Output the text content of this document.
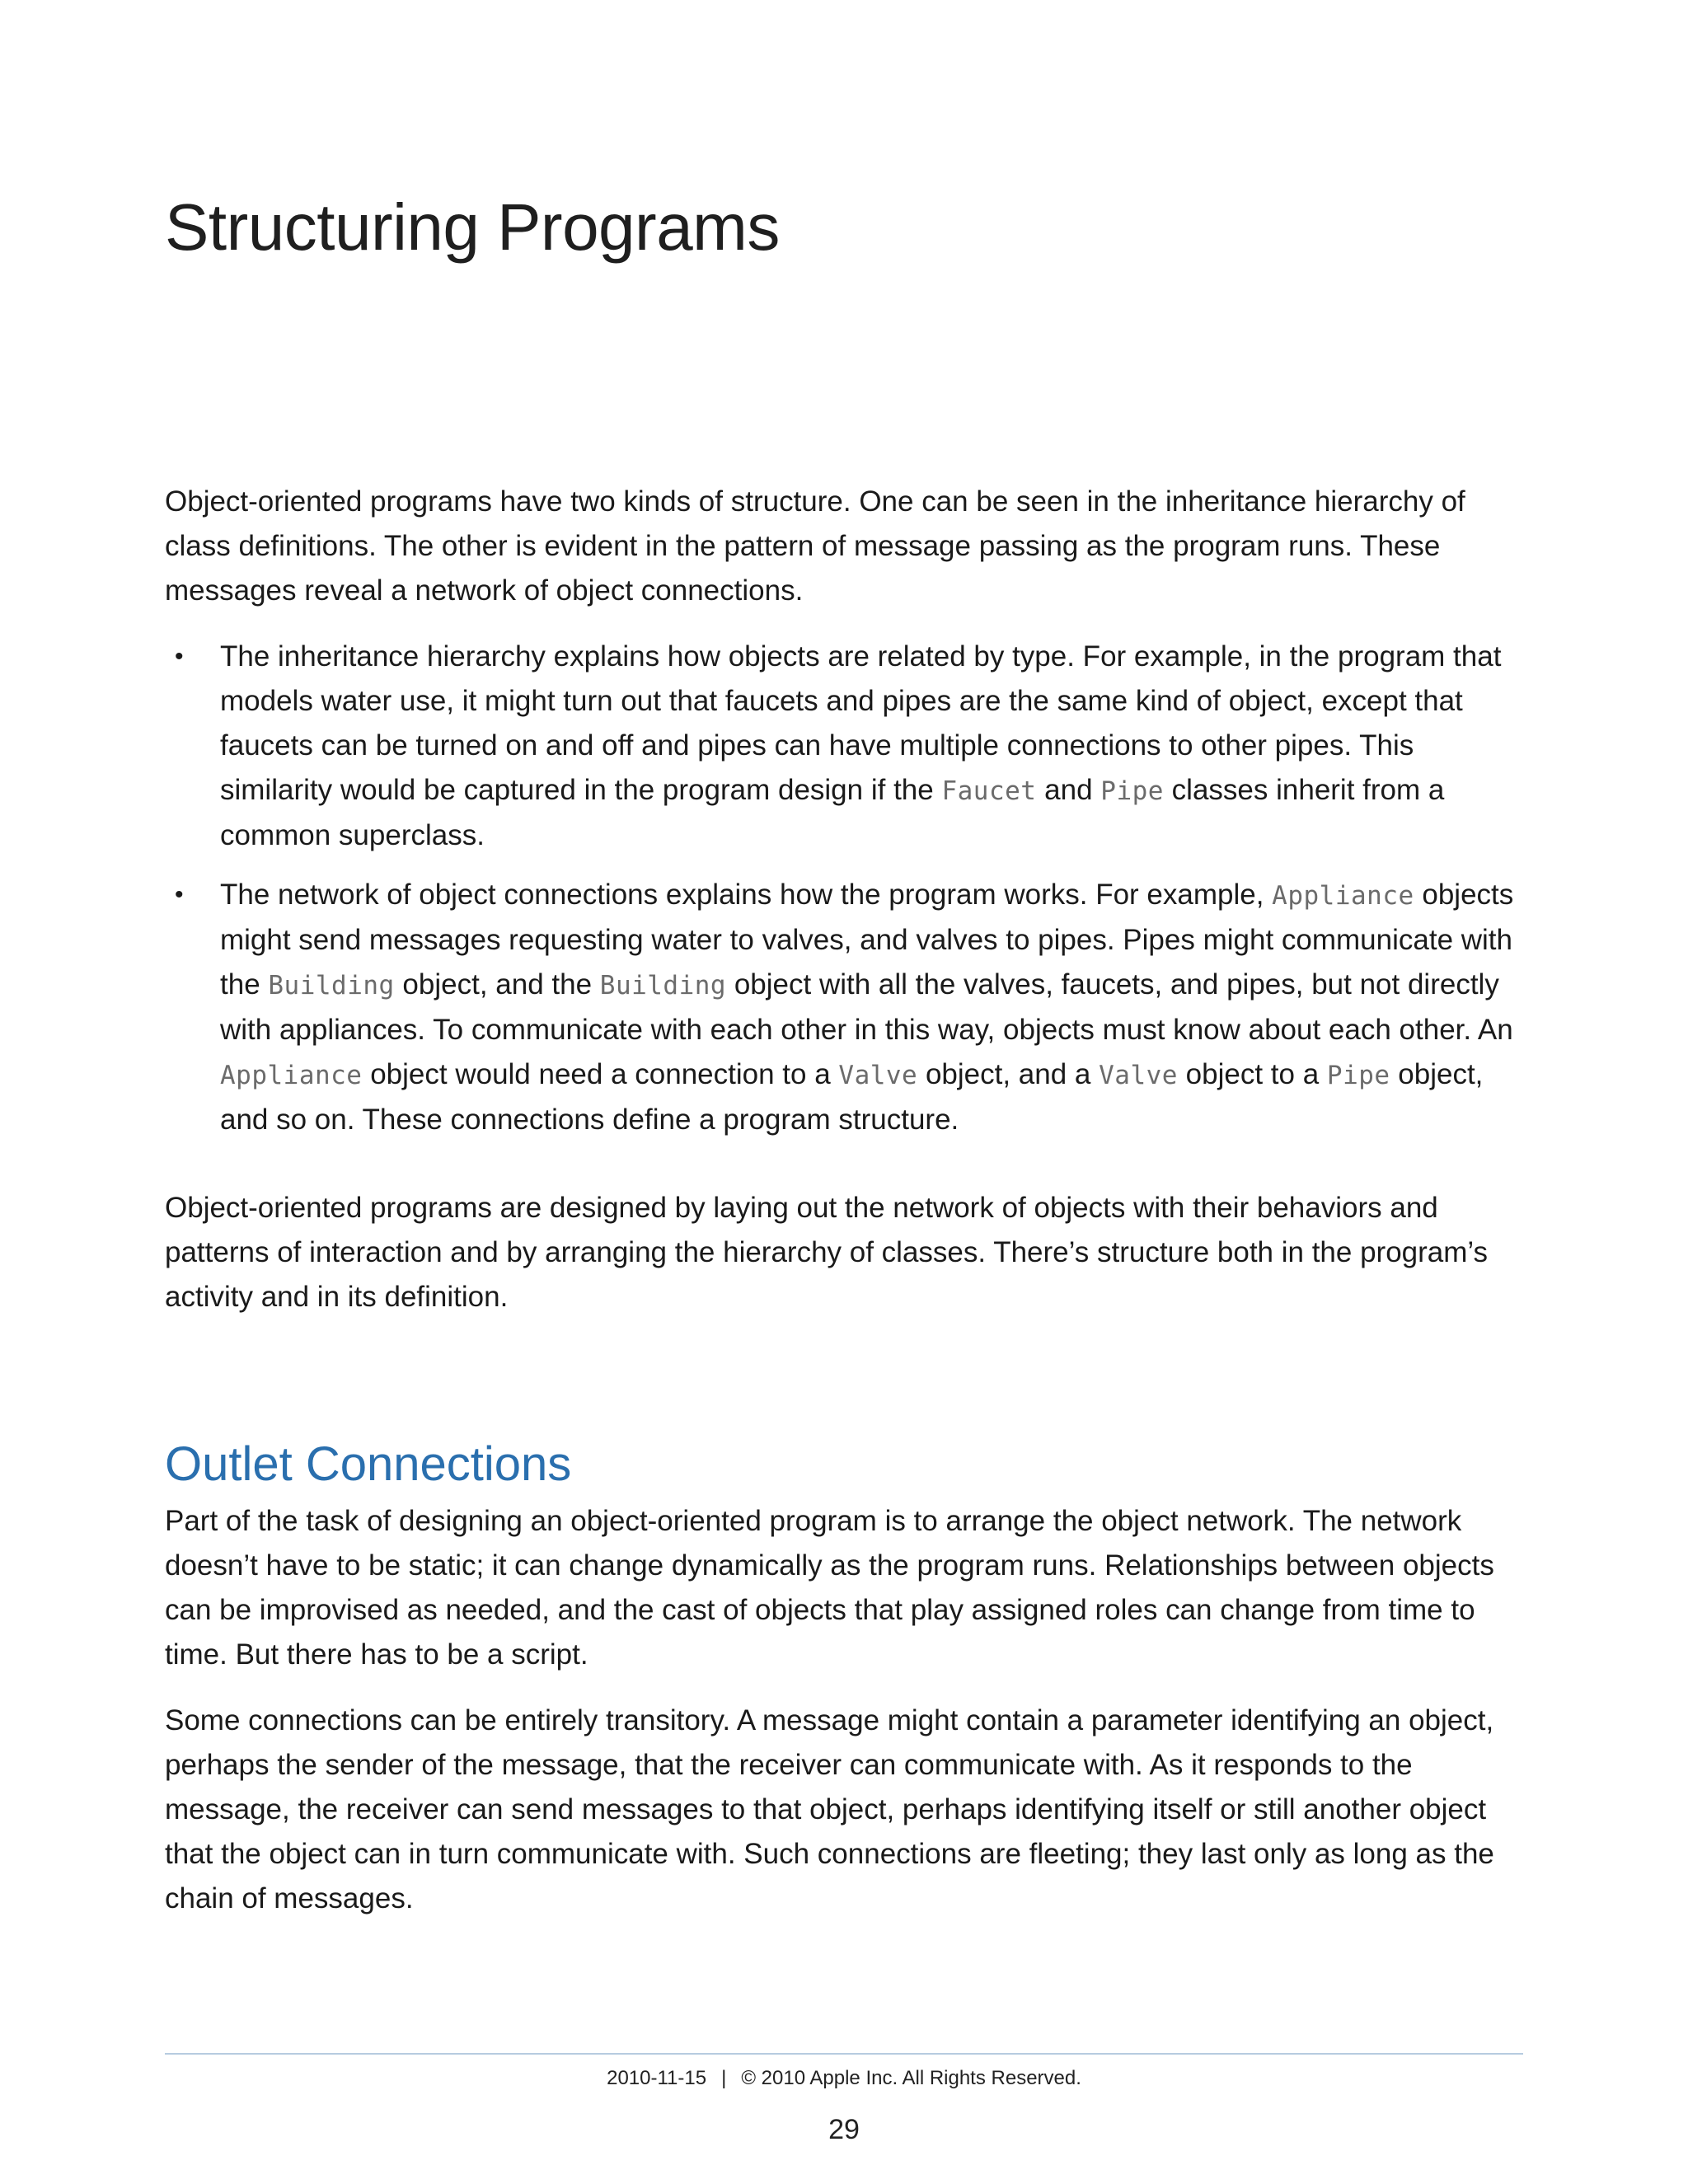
Structuring Programs

Object-oriented programs have two kinds of structure. One can be seen in the inheritance hierarchy of class definitions. The other is evident in the pattern of message passing as the program runs. These messages reveal a network of object connections.

• The inheritance hierarchy explains how objects are related by type. For example, in the program that models water use, it might turn out that faucets and pipes are the same kind of object, except that faucets can be turned on and off and pipes can have multiple connections to other pipes. This similarity would be captured in the program design if the Faucet and Pipe classes inherit from a common superclass.
• The network of object connections explains how the program works. For example, Appliance objects might send messages requesting water to valves, and valves to pipes. Pipes might communicate with the Building object, and the Building object with all the valves, faucets, and pipes, but not directly with appliances. To communicate with each other in this way, objects must know about each other. An Appliance object would need a connection to a Valve object, and a Valve object to a Pipe object, and so on. These connections define a program structure.

Object-oriented programs are designed by laying out the network of objects with their behaviors and patterns of interaction and by arranging the hierarchy of classes. There’s structure both in the program’s activity and in its definition.

Outlet Connections

Part of the task of designing an object-oriented program is to arrange the object network. The network doesn’t have to be static; it can change dynamically as the program runs. Relationships between objects can be improvised as needed, and the cast of objects that play assigned roles can change from time to time. But there has to be a script.

Some connections can be entirely transitory. A message might contain a parameter identifying an object, perhaps the sender of the message, that the receiver can communicate with. As it responds to the message, the receiver can send messages to that object, perhaps identifying itself or still another object that the object can in turn communicate with. Such connections are fleeting; they last only as long as the chain of messages.

2010-11-15 | © 2010 Apple Inc. All Rights Reserved.
29
